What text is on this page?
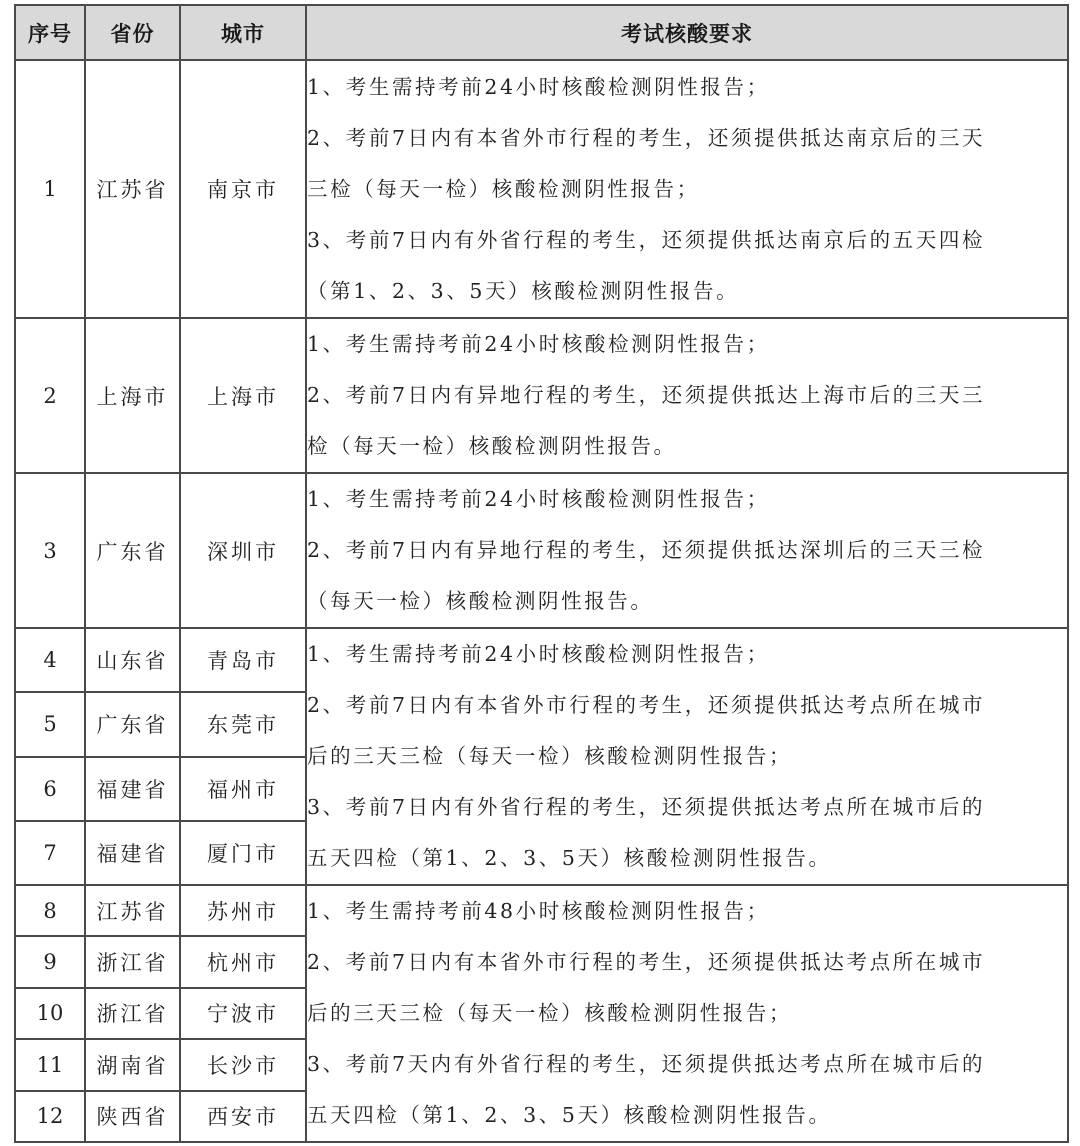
序号	省份	城市	考试核酸要求
1	江苏省	南京市	1、考生需持考前24小时核酸检测阴性报告；
2、考前7日内有本省外市行程的考生，还须提供抵达南京后的三天
三检（每天一检）核酸检测阴性报告；
3、考前7日内有外省行程的考生，还须提供抵达南京后的五天四检
（第1、2、3、5天）核酸检测阴性报告。

2	上海市	上海市	1、考生需持考前24小时核酸检测阴性报告；
2、考前7日内有异地行程的考生，还须提供抵达上海市后的三天三
检（每天一检）核酸检测阴性报告。

3	广东省	深圳市	1、考生需持考前24小时核酸检测阴性报告；
2、考前7日内有异地行程的考生，还须提供抵达深圳后的三天三检
（每天一检）核酸检测阴性报告。

4	山东省	青岛市	1、考生需持考前24小时核酸检测阴性报告；
2、考前7日内有本省外市行程的考生，还须提供抵达考点所在城市
后的三天三检（每天一检）核酸检测阴性报告；
3、考前7日内有外省行程的考生，还须提供抵达考点所在城市后的
五天四检（第1、2、3、5天）核酸检测阴性报告。

5	广东省	东莞市	
6	福建省	福州市	
7	福建省	厦门市	
8	江苏省	苏州市	1、考生需持考前48小时核酸检测阴性报告；
2、考前7日内有本省外市行程的考生，还须提供抵达考点所在城市
后的三天三检（每天一检）核酸检测阴性报告；
3、考前7天内有外省行程的考生，还须提供抵达考点所在城市后的
五天四检（第1、2、3、5天）核酸检测阴性报告。

9	浙江省	杭州市	
10	浙江省	宁波市	
11	湖南省	长沙市	
12	陕西省	西安市	
